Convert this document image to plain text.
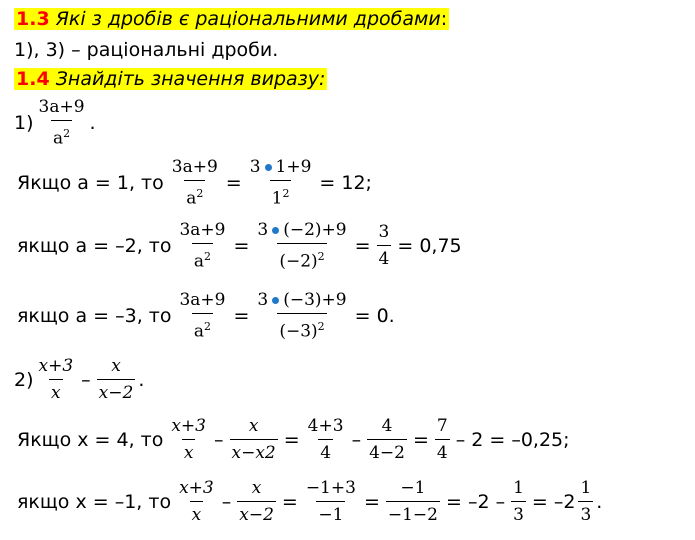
1.3 Які з дробів є раціональними дробами:
1), 3) – раціональні дроби.
1.4 Знайдіть значення виразу:
$1) \frac{3a+9}{a^2}$ .
Якщо а = 1, то $\frac{3a+9}{a^2} = \frac{3 1+9}{1^2} = 12$;
якщо а = –2, то $\frac{3a+9}{a^2} = \frac{3 (-2)+9}{(-2)^2} = \frac{3}{4} = 0,75$
якщо а = –3, то $\frac{3a+9}{a^2} = \frac{3 (-3)+9}{(-3)^2} = 0$.
$2) \frac{x+3}{x} - \frac{x}{x-2}$ .
Якщо х = 4, то $\frac{x+3}{x} - \frac{x}{x-x2} = \frac{4+3}{4} - \frac{4}{4-2} = \frac{7}{4} - 2 = -0,25$;
якщо х = –1, то $\frac{x+3}{x} - \frac{x}{x-2} = \frac{-1+3}{-1} = \frac{-1}{-1-2} = -2 - \frac{1}{3} = -2 \frac{1}{3}$ .
